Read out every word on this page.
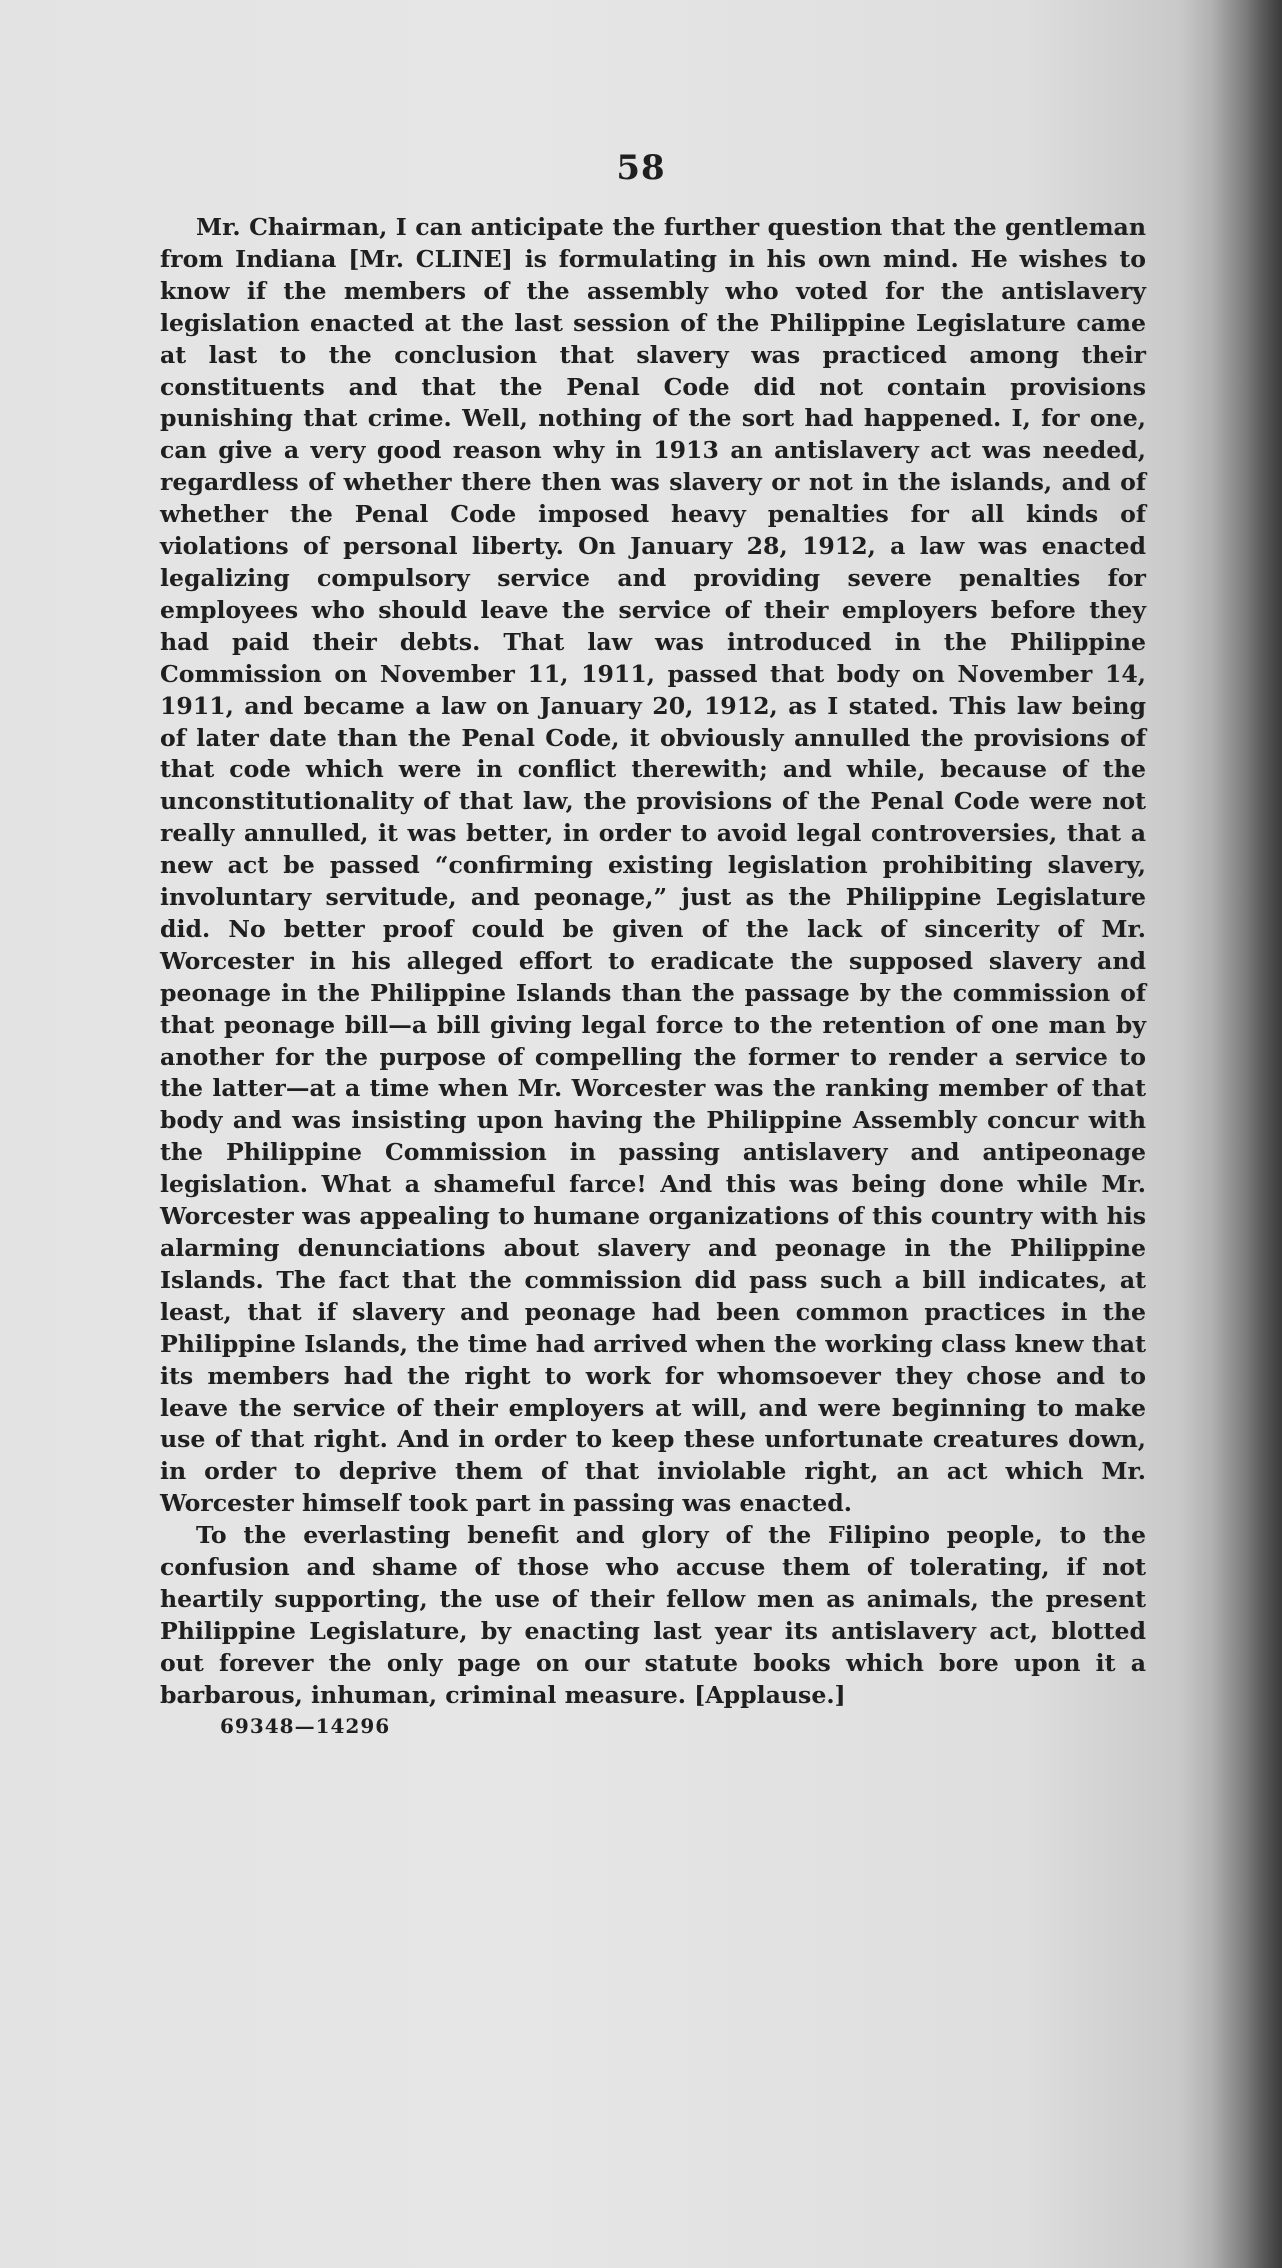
58

Mr. Chairman, I can anticipate the further question that the gentleman from Indiana [Mr. CLINE] is formulating in his own mind. He wishes to know if the members of the assembly who voted for the antislavery legislation enacted at the last session of the Philippine Legislature came at last to the conclusion that slavery was practiced among their constituents and that the Penal Code did not contain provisions punishing that crime. Well, nothing of the sort had happened. I, for one, can give a very good reason why in 1913 an antislavery act was needed, regardless of whether there then was slavery or not in the islands, and of whether the Penal Code imposed heavy penalties for all kinds of violations of personal liberty. On January 28, 1912, a law was enacted legalizing compulsory service and providing severe penalties for employees who should leave the service of their employers before they had paid their debts. That law was introduced in the Philippine Commission on November 11, 1911, passed that body on November 14, 1911, and became a law on January 20, 1912, as I stated. This law being of later date than the Penal Code, it obviously annulled the provisions of that code which were in conflict therewith; and while, because of the unconstitutionality of that law, the provisions of the Penal Code were not really annulled, it was better, in order to avoid legal controversies, that a new act be passed “confirming existing legislation prohibiting slavery, involuntary servitude, and peonage,” just as the Philippine Legislature did. No better proof could be given of the lack of sincerity of Mr. Worcester in his alleged effort to eradicate the supposed slavery and peonage in the Philippine Islands than the passage by the commission of that peonage bill—a bill giving legal force to the retention of one man by another for the purpose of compelling the former to render a service to the latter—at a time when Mr. Worcester was the ranking member of that body and was insisting upon having the Philippine Assembly concur with the Philippine Commission in passing antislavery and antipeonage legislation. What a shameful farce! And this was being done while Mr. Worcester was appealing to humane organizations of this country with his alarming denunciations about slavery and peonage in the Philippine Islands. The fact that the commission did pass such a bill indicates, at least, that if slavery and peonage had been common practices in the Philippine Islands, the time had arrived when the working class knew that its members had the right to work for whomsoever they chose and to leave the service of their employers at will, and were beginning to make use of that right. And in order to keep these unfortunate creatures down, in order to deprive them of that inviolable right, an act which Mr. Worcester himself took part in passing was enacted.

To the everlasting benefit and glory of the Filipino people, to the confusion and shame of those who accuse them of tolerating, if not heartily supporting, the use of their fellow men as animals, the present Philippine Legislature, by enacting last year its antislavery act, blotted out forever the only page on our statute books which bore upon it a barbarous, inhuman, criminal measure. [Applause.]

69348—14296
